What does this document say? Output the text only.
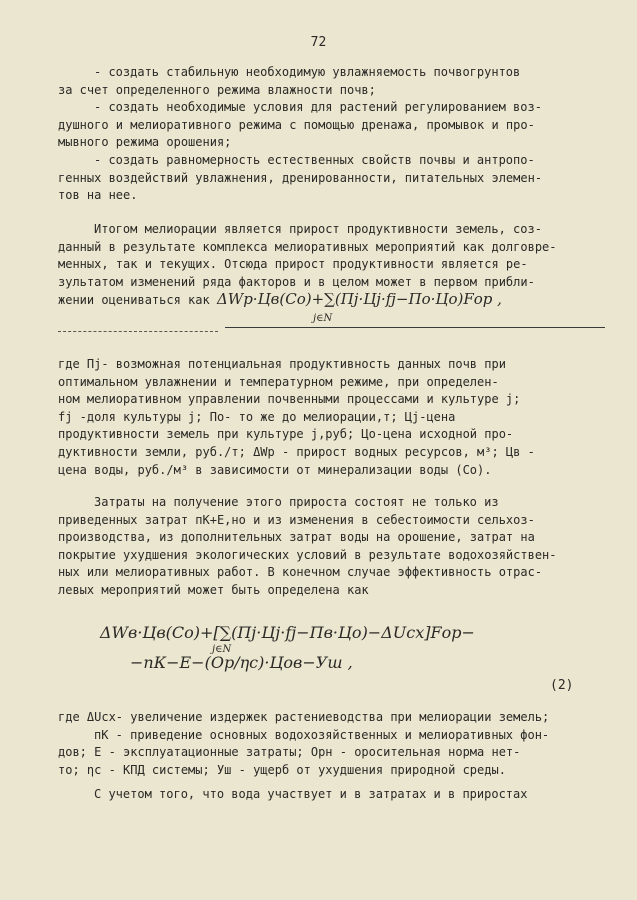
72
- создать стабильную необходимую увлажняемость почвогрунтов
за счет определенного режима влажности почв;
- создать необходимые условия для растений регулированием воз-
душного и мелиоративного режима с помощью дренажа, промывок и про-
мывного режима орошения;
- создать равномерность естественных свойств почвы и антропо-
генных воздействий увлажнения, дренированности, питательных элемен-
тов на нее.
Итогом мелиорации является прирост продуктивности земель, соз-
данный в результате комплекса мелиоративных мероприятий как долговре-
менных, так и текущих. Отсюда прирост продуктивности является ре-
зультатом изменений ряда факторов и в целом может в первом прибли-
жении оцениваться как ΔWр·Цв(Cо)+∑(Пj·Цj·fj−Пo·Цo)Fор ,
j∈N
где Пj- возможная потенциальная продуктивность данных почв при
оптимальном увлажнении и температурном режиме, при определен-
ном мелиоративном управлении почвенными процессами и культуре j;
fj -доля культуры j; По- то же до мелиорации,т; Цj-цена
продуктивности земель при культуре j,руб; Цо-цена исходной про-
дуктивности земли, руб./т; ΔWр - прирост водных ресурсов, м³; Цв -
цена воды, руб./м³ в зависимости от минерализации воды (Со).
Затраты на получение этого прироста состоят не только из
приведенных затрат пК+Е,но и из изменения в себестоимости сельхоз-
производства, из дополнительных затрат воды на орошение, затрат на
покрытие ухудшения экологических условий в результате водохозяйствен-
ных или мелиоративных работ. В конечном случае эффективность отрас-
левых мероприятий может быть определена как
ΔWв·Цв(Cо)+[∑(Пj·Цj·fj−Пв·Цо)−ΔUсх]Fор−
−пК−Е−(Ор/ηс)·Цов−Уш ,
j∈N
(2)
где ΔUсх- увеличение издержек растениеводства при мелиорации земель;
пК - приведение основных водохозяйственных и мелиоративных фон-
дов; Е - эксплуатационные затраты; Орн - оросительная норма нет-
то; ηс - КПД системы; Уш - ущерб от ухудшения природной среды.
С учетом того, что вода участвует и в затратах и в приростах
